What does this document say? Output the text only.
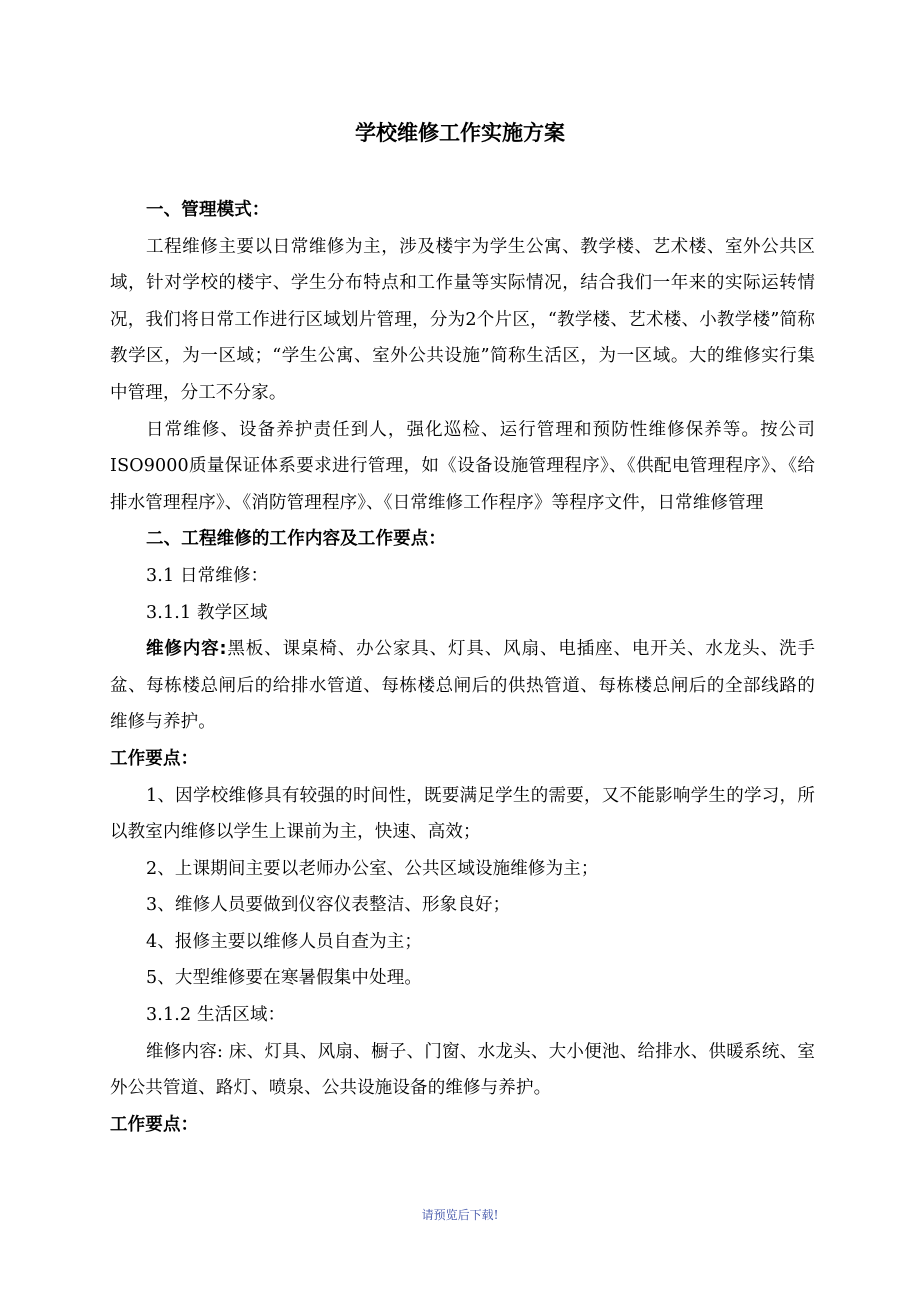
学校维修工作实施方案

一、管理模式：

工程维修主要以日常维修为主，涉及楼宇为学生公寓、教学楼、艺术楼、室外公共区域，针对学校的楼宇、学生分布特点和工作量等实际情况，结合我们一年来的实际运转情况，我们将日常工作进行区域划片管理，分为2个片区，“教学楼、艺术楼、小教学楼”简称教学区，为一区域；“学生公寓、室外公共设施”简称生活区，为一区域。大的维修实行集中管理，分工不分家。

日常维修、设备养护责任到人，强化巡检、运行管理和预防性维修保养等。按公司ISO9000质量保证体系要求进行管理，如《设备设施管理程序》、《供配电管理程序》、《给排水管理程序》、《消防管理程序》、《日常维修工作程序》等程序文件，日常维修管理

二、工程维修的工作内容及工作要点：

3.1 日常维修：

3.1.1 教学区域

维修内容:黑板、课桌椅、办公家具、灯具、风扇、电插座、电开关、水龙头、洗手盆、每栋楼总闸后的给排水管道、每栋楼总闸后的供热管道、每栋楼总闸后的全部线路的维修与养护。

工作要点：

1、因学校维修具有较强的时间性，既要满足学生的需要，又不能影响学生的学习，所以教室内维修以学生上课前为主，快速、高效；

2、上课期间主要以老师办公室、公共区域设施维修为主；

3、维修人员要做到仪容仪表整洁、形象良好；

4、报修主要以维修人员自查为主；

5、大型维修要在寒暑假集中处理。

3.1.2 生活区域：

维修内容: 床、灯具、风扇、橱子、门窗、水龙头、大小便池、给排水、供暖系统、室外公共管道、路灯、喷泉、公共设施设备的维修与养护。

工作要点：

请预览后下载!
